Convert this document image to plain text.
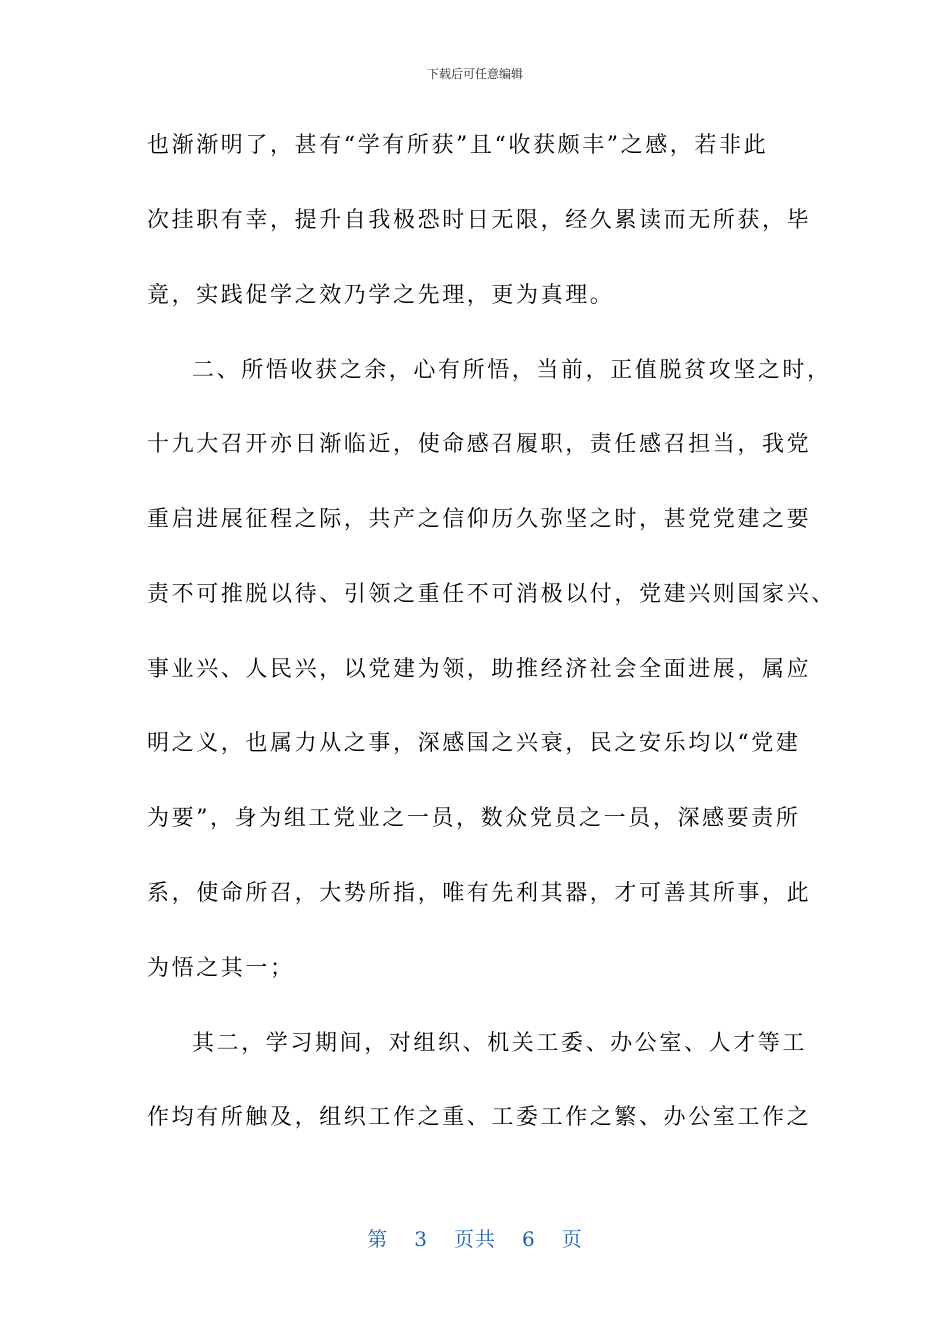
下载后可任意编辑
也渐渐明了，甚有“学有所获”且“收获颇丰”之感，若非此
次挂职有幸，提升自我极恐时日无限，经久累读而无所获，毕
竟，实践促学之效乃学之先理，更为真理。
二、所悟收获之余，心有所悟，当前，正值脱贫攻坚之时，
十九大召开亦日渐临近，使命感召履职，责任感召担当，我党
重启进展征程之际，共产之信仰历久弥坚之时，甚党党建之要
责不可推脱以待、引领之重任不可消极以付，党建兴则国家兴、
事业兴、人民兴，以党建为领，助推经济社会全面进展，属应
明之义，也属力从之事，深感国之兴衰，民之安乐均以“党建
为要”，身为组工党业之一员，数众党员之一员，深感要责所
系，使命所召，大势所指，唯有先利其器，才可善其所事，此
为悟之其一；
其二，学习期间，对组织、机关工委、办公室、人才等工
作均有所触及，组织工作之重、工委工作之繁、办公室工作之
第 3 页共 6 页
